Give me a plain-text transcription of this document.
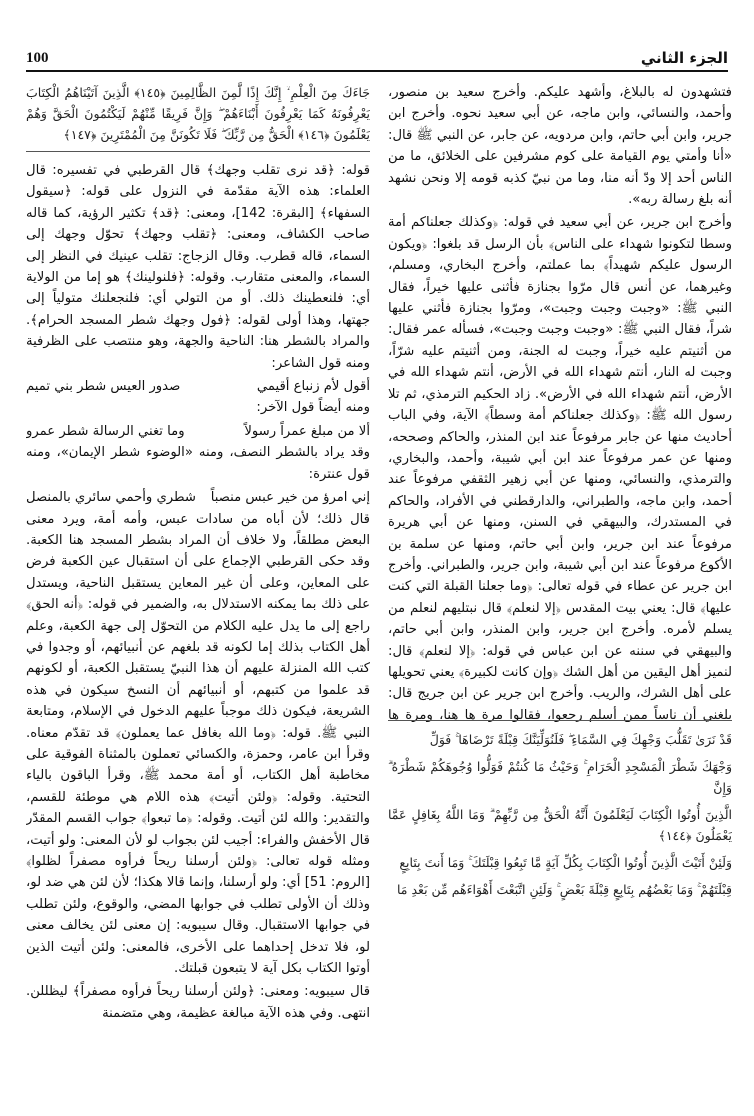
100	الجزء الثاني

فتشهدون له بالبلاغ، وأشهد عليكم. وأخرج سعيد بن منصور، وأحمد، والنسائي، وابن ماجه، عن أبي سعيد نحوه. وأخرج ابن جرير، وابن أبي حاتم، وابن مردويه، عن جابر، عن النبي ﷺ قال: «أنا وأمتي يوم القيامة على كوم مشرفين على الخلائق، ما من الناس أحد إلا ودّ أنه منا، وما من نبيّ كذبه قومه إلا ونحن نشهد أنه بلغ رسالة ربه».

وأخرج ابن جرير، عن أبي سعيد في قوله: ﴿وكذلك جعلناكم أمة وسطا لتكونوا شهداء على الناس﴾ بأن الرسل قد بلغوا: ﴿ويكون الرسول عليكم شهيداً﴾ بما عملتم، وأخرج البخاري، ومسلم، وغيرهما، عن أنس قال مرّوا بجنازة فأثنى عليها خيراً، فقال النبي ﷺ: «وجبت وجبت وجبت»، ومرّوا بجنازة فأثني عليها شراً، فقال النبي ﷺ: «وجبت وجبت وجبت»، فسأله عمر فقال: من أثنيتم عليه خيراً، وجبت له الجنة، ومن أثنيتم عليه شرّاً، وجبت له النار، أنتم شهداء الله في الأرض، أنتم شهداء الله في الأرض، أنتم شهداء الله في الأرض». زاد الحكيم الترمذي، ثم تلا رسول الله ﷺ: ﴿وكذلك جعلناكم أمة وسطاً﴾ الآية، وفي الباب أحاديث منها عن جابر مرفوعاً عند ابن المنذر، والحاكم وصححه، ومنها عن عمر مرفوعاً عند ابن أبي شيبة، وأحمد، والبخاري، والترمذي، والنسائي، ومنها عن أبي زهير الثقفي مرفوعاً عند أحمد، وابن ماجه، والطبراني، والدارقطني في الأفراد، والحاكم في المستدرك، والبيهقي في السنن، ومنها عن أبي هريرة مرفوعاً عند ابن جرير، وابن أبي حاتم، ومنها عن سلمة بن الأكوع مرفوعاً عند ابن أبي شيبة، وابن جرير، والطبراني. وأخرج ابن جرير عن عطاء في قوله تعالى: ﴿وما جعلنا القبلة التي كنت عليها﴾ قال: يعني بيت المقدس ﴿إلا لنعلم﴾ قال نبتليهم لنعلم من يسلم لأمره. وأخرج ابن جرير، وابن المنذر، وابن أبي حاتم، والبيهقي في سننه عن ابن عباس في قوله: ﴿إلا لنعلم﴾ قال: لنميز أهل اليقين من أهل الشك ﴿وإن كانت لكبيرة﴾ يعني تحويلها على أهل الشرك، والريب. وأخرج ابن جرير عن ابن جريج قال: بلغني أن ناساً ممن أسلم رجعوا، فقالوا مرة ها هنا، ومرة ها

قَدْ نَرَىٰ تَقَلُّبَ وَجْهِكَ فِي السَّمَاءِ ۖ فَلَنُوَلِّيَنَّكَ قِبْلَةً تَرْضَاهَا ۚ فَوَلِّ
وَجْهَكَ شَطْرَ الْمَسْجِدِ الْحَرَامِ ۚ وَحَيْثُ مَا كُنتُمْ فَوَلُّوا وُجُوهَكُمْ شَطْرَهُ ۗ وَإِنَّ
الَّذِينَ أُوتُوا الْكِتَابَ لَيَعْلَمُونَ أَنَّهُ الْحَقُّ مِن رَّبِّهِمْ ۗ وَمَا اللَّهُ بِغَافِلٍ عَمَّا يَعْمَلُونَ ﴿١٤٤﴾
وَلَئِنْ أَتَيْتَ الَّذِينَ أُوتُوا الْكِتَابَ بِكُلِّ آيَةٍ مَّا تَبِعُوا قِبْلَتَكَ ۚ وَمَا أَنتَ بِتَابِعٍ
قِبْلَتَهُمْ ۚ وَمَا بَعْضُهُم بِتَابِعٍ قِبْلَةَ بَعْضٍ ۚ وَلَئِنِ اتَّبَعْتَ أَهْوَاءَهُم مِّن بَعْدِ مَا
جَاءَكَ مِنَ الْعِلْمِ ۙ إِنَّكَ إِذًا لَّمِنَ الظَّالِمِينَ ﴿١٤٥﴾ الَّذِينَ آتَيْنَاهُمُ الْكِتَابَ يَعْرِفُونَهُ كَمَا يَعْرِفُونَ أَبْنَاءَهُمْ ۖ وَإِنَّ فَرِيقًا مِّنْهُمْ لَيَكْتُمُونَ الْحَقَّ وَهُمْ يَعْلَمُونَ ﴿١٤٦﴾ الْحَقُّ مِن رَّبِّكَ ۖ فَلَا تَكُونَنَّ مِنَ الْمُمْتَرِينَ ﴿١٤٧﴾

قوله: ﴿قد نرى تقلب وجهك﴾ قال القرطبي في تفسيره: قال العلماء: هذه الآية مقدّمة في النزول على قوله: ﴿سيقول السفهاء﴾ [البقرة: 142]، ومعنى: ﴿قد﴾ تكثير الرؤية، كما قاله صاحب الكشاف، ومعنى: ﴿تقلب وجهك﴾ تحوّل وجهك إلى السماء، قاله قطرب. وقال الزجاج: تقلب عينيك في النظر إلى السماء، والمعنى متقارب. وقوله: ﴿فلنولينك﴾ هو إما من الولاية أي: فلنعطينك ذلك. أو من التولي أي: فلنجعلنك متولياً إلى جهتها، وهذا أولى لقوله: ﴿فول وجهك شطر المسجد الحرام﴾. والمراد بالشطر هنا: الناحية والجهة، وهو منتصب على الظرفية ومنه قول الشاعر:

أقول لأم زنباع أقيمي
صدور العيس شطر بني تميم

ومنه أيضاً قول الآخر:

ألا من مبلغ عمراً رسولاً
وما تغني الرسالة شطر عمرو

وقد يراد بالشطر النصف، ومنه «الوضوء شطر الإيمان»، ومنه قول عنترة:

إني امرؤ من خير عبس منصباً
شطري وأحمي سائري بالمنصل

قال ذلك؛ لأن أباه من سادات عبس، وأمه أمة، ويرد معنى البعض مطلقاً، ولا خلاف أن المراد بشطر المسجد هنا الكعبة. وقد حكى القرطبي الإجماع على أن استقبال عين الكعبة فرض على المعاين، وعلى أن غير المعاين يستقبل الناحية، ويستدل على ذلك بما يمكنه الاستدلال به، والضمير في قوله: ﴿أنه الحق﴾ راجع إلى ما يدل عليه الكلام من التحوّل إلى جهة الكعبة، وعلم أهل الكتاب بذلك إما لكونه قد بلغهم عن أنبيائهم، أو وجدوا في كتب الله المنزلة عليهم أن هذا النبيّ يستقبل الكعبة، أو لكونهم قد علموا من كتبهم، أو أنبيائهم أن النسخ سيكون في هذه الشريعة، فيكون ذلك موجباً عليهم الدخول في الإسلام، ومتابعة النبي ﷺ. قوله: ﴿وما الله بغافل عما يعملون﴾ قد تقدّم معناه. وقرأ ابن عامر، وحمزة، والكسائي تعملون بالمثناة الفوقية على مخاطبة أهل الكتاب، أو أمة محمد ﷺ، وقرأ الباقون بالياء التحتية. وقوله: ﴿ولئن أتيت﴾ هذه اللام هي موطئة للقسم، والتقدير: والله لئن أتيت. وقوله: ﴿ما تبعوا﴾ جواب القسم المقدّر قال الأخفش والفراء: أجيب لئن بجواب لو لأن المعنى: ولو أتيت، ومثله قوله تعالى: ﴿ولئن أرسلنا ريحاً فرأوه مصفراً لظلوا﴾ [الروم: 51] أي: ولو أرسلنا، وإنما قالا هكذا؛ لأن لئن هي ضد لو، وذلك أن الأولى تطلب في جوابها المضي، والوقوع، ولئن تطلب في جوابها الاستقبال. وقال سيبويه: إن معنى لئن يخالف معنى لو، فلا تدخل إحداهما على الأخرى، فالمعنى: ولئن أتيت الذين أوتوا الكتاب بكل آية لا يتبعون قبلتك.

قال سيبويه: ومعنى: ﴿ولئن أرسلنا ريحاً فرأوه مصفراً﴾ ليظللن. انتهى. وفي هذه الآية مبالغة عظيمة، وهي متضمنة
